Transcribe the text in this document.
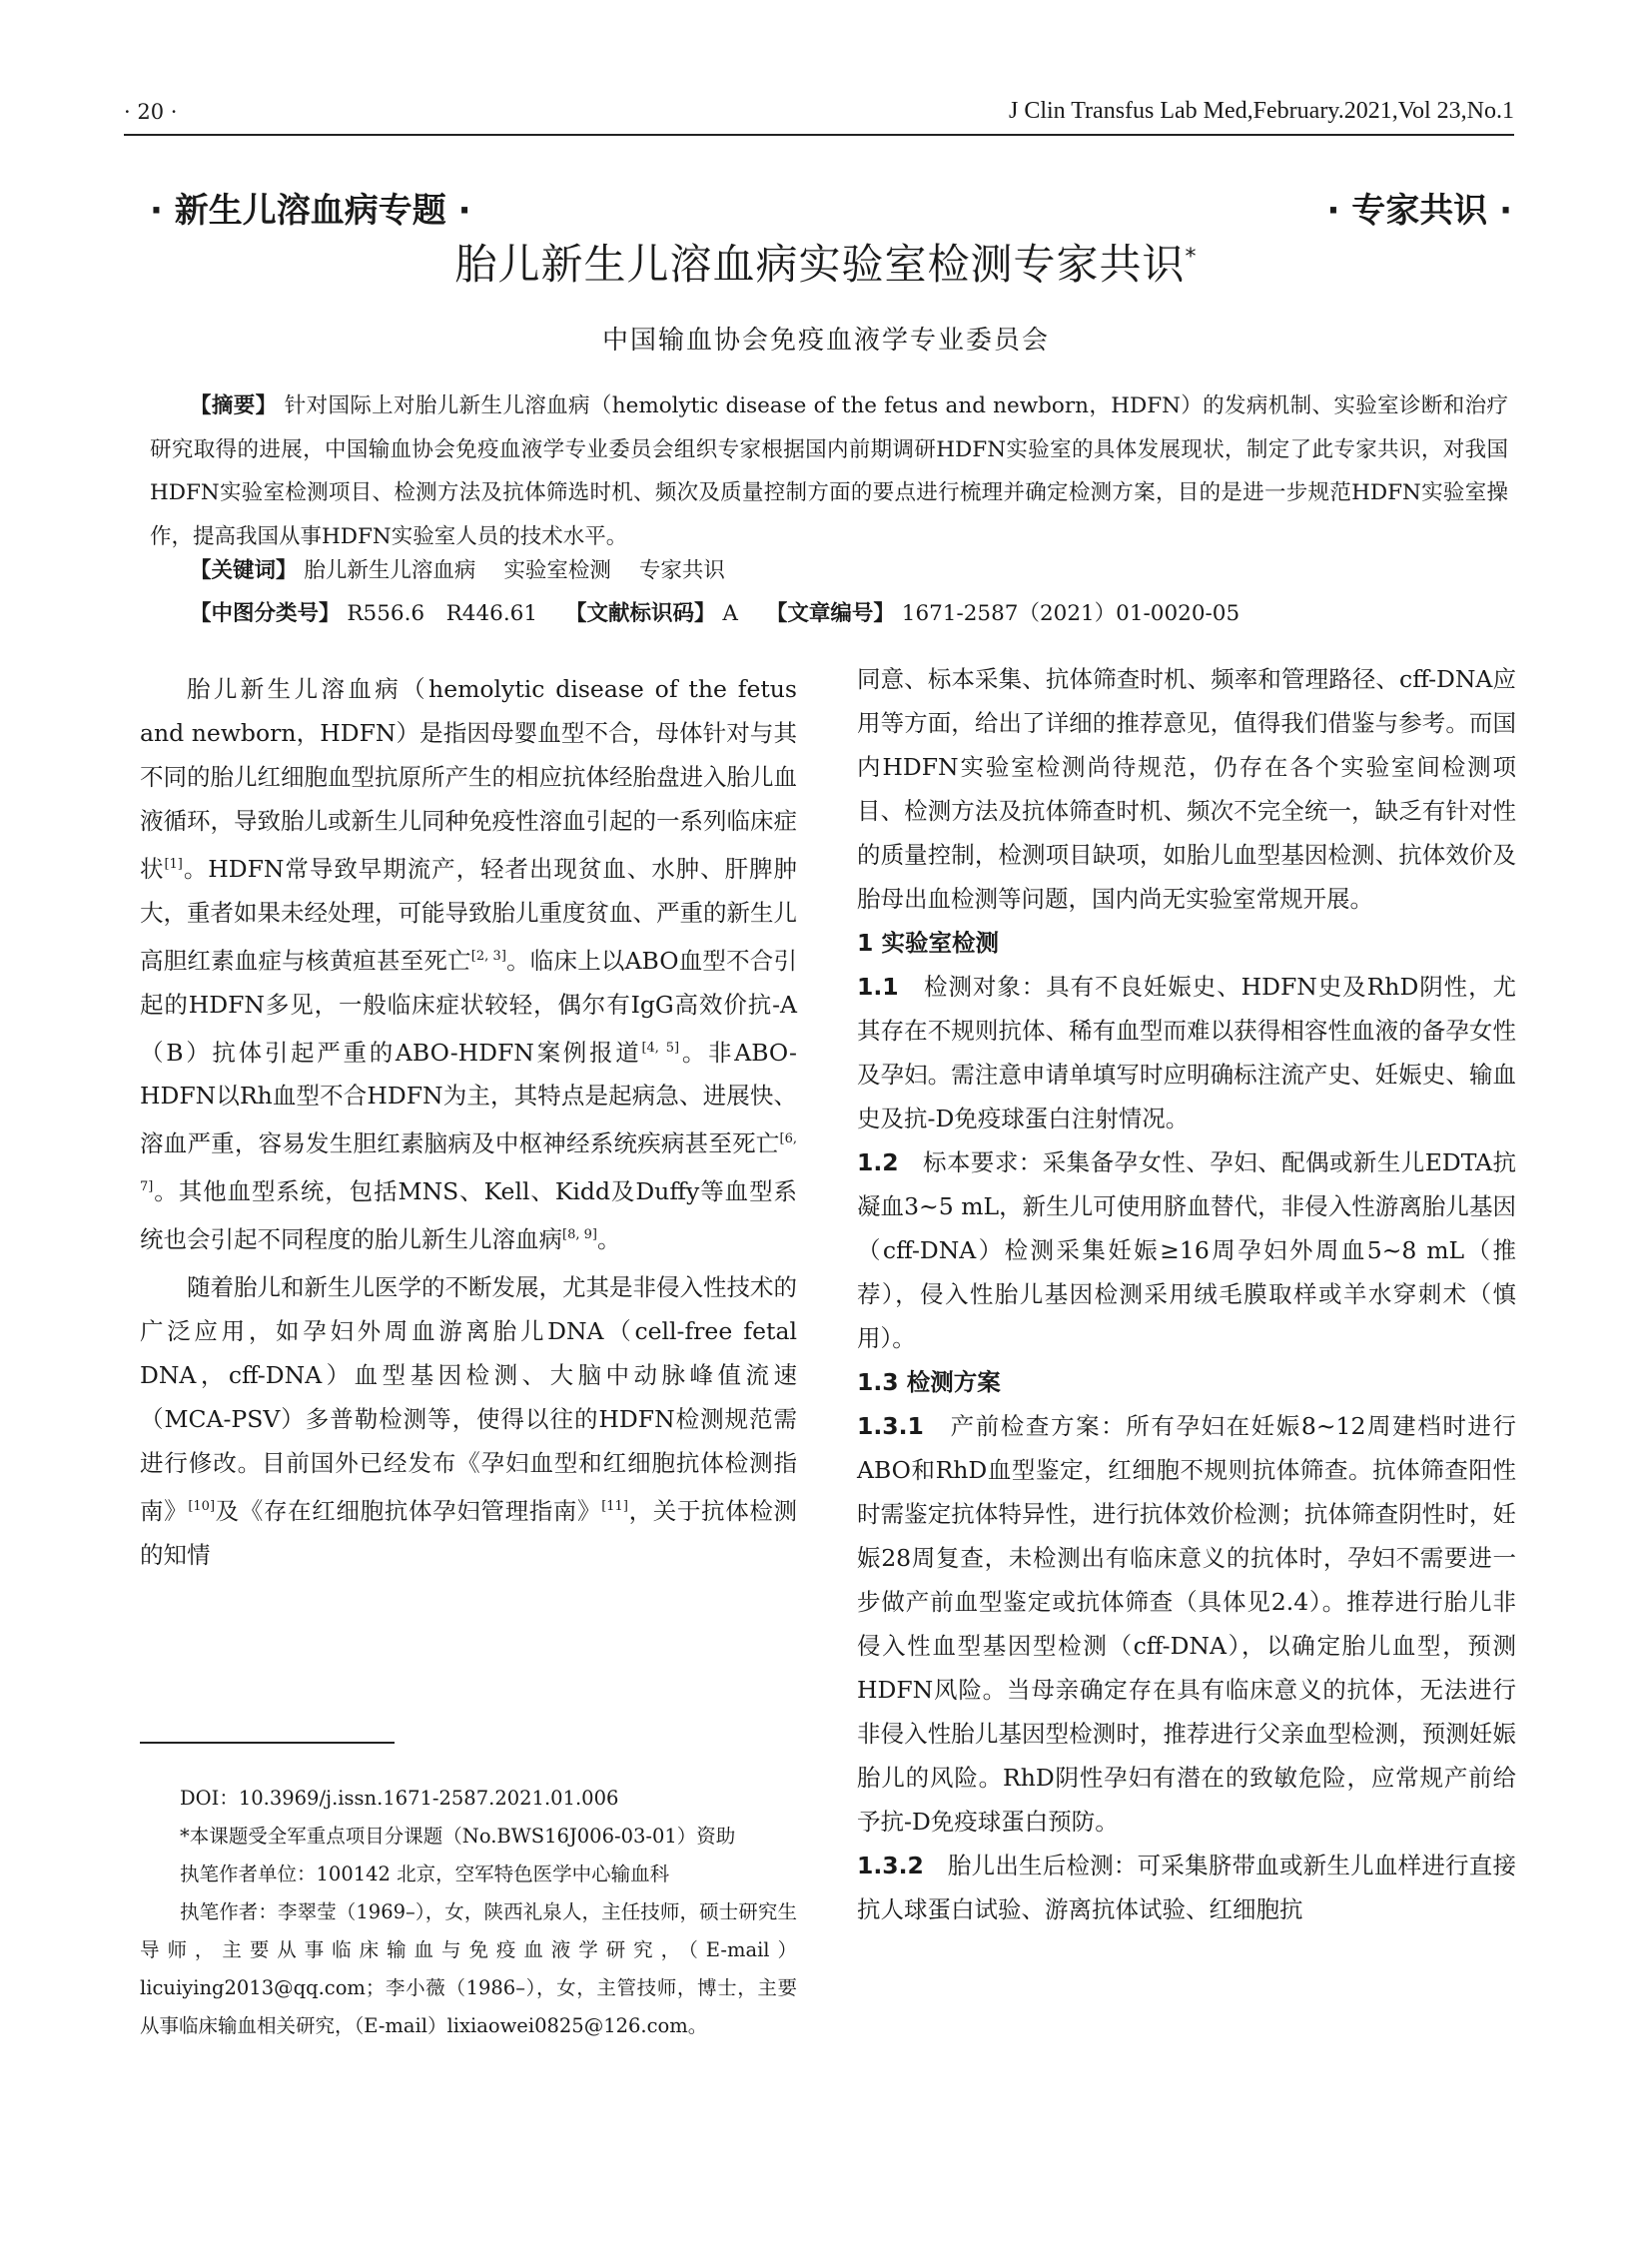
· 20 ·	J Clin Transfus Lab Med,February.2021,Vol 23,No.1
· 新生儿溶血病专题 ·	· 专家共识 ·
胎儿新生儿溶血病实验室检测专家共识*
中国输血协会免疫血液学专业委员会
【摘要】 针对国际上对胎儿新生儿溶血病（hemolytic disease of the fetus and newborn，HDFN）的发病机制、实验室诊断和治疗研究取得的进展，中国输血协会免疫血液学专业委员会组织专家根据国内前期调研HDFN实验室的具体发展现状，制定了此专家共识，对我国HDFN实验室检测项目、检测方法及抗体筛选时机、频次及质量控制方面的要点进行梳理并确定检测方案，目的是进一步规范HDFN实验室操作，提高我国从事HDFN实验室人员的技术水平。
【关键词】 胎儿新生儿溶血病 实验室检测 专家共识
【中图分类号】 R556.6　R446.61 【文献标识码】 A 【文章编号】 1671-2587（2021）01-0020-05

胎儿新生儿溶血病（hemolytic disease of the fetus and newborn，HDFN）是指因母婴血型不合，母体针对与其不同的胎儿红细胞血型抗原所产生的相应抗体经胎盘进入胎儿血液循环，导致胎儿或新生儿同种免疫性溶血引起的一系列临床症状[1]。HDFN常导致早期流产，轻者出现贫血、水肿、肝脾肿大，重者如果未经处理，可能导致胎儿重度贫血、严重的新生儿高胆红素血症与核黄疸甚至死亡[2, 3]。临床上以ABO血型不合引起的HDFN多见，一般临床症状较轻，偶尔有IgG高效价抗-A（B）抗体引起严重的ABO-HDFN案例报道[4, 5]。非ABO-HDFN以Rh血型不合HDFN为主，其特点是起病急、进展快、溶血严重，容易发生胆红素脑病及中枢神经系统疾病甚至死亡[6, 7]。其他血型系统，包括MNS、Kell、Kidd及Duffy等血型系统也会引起不同程度的胎儿新生儿溶血病[8, 9]。

随着胎儿和新生儿医学的不断发展，尤其是非侵入性技术的广泛应用，如孕妇外周血游离胎儿DNA（cell-free fetal DNA，cff-DNA）血型基因检测、大脑中动脉峰值流速（MCA-PSV）多普勒检测等，使得以往的HDFN检测规范需进行修改。目前国外已经发布《孕妇血型和红细胞抗体检测指南》[10]及《存在红细胞抗体孕妇管理指南》[11]，关于抗体检测的知情

同意、标本采集、抗体筛查时机、频率和管理路径、cff-DNA应用等方面，给出了详细的推荐意见，值得我们借鉴与参考。而国内HDFN实验室检测尚待规范，仍存在各个实验室间检测项目、检测方法及抗体筛查时机、频次不完全统一，缺乏有针对性的质量控制，检测项目缺项，如胎儿血型基因检测、抗体效价及胎母出血检测等问题，国内尚无实验室常规开展。

1 实验室检测

1.1　 检测对象：具有不良妊娠史、HDFN史及RhD阴性，尤其存在不规则抗体、稀有血型而难以获得相容性血液的备孕女性及孕妇。需注意申请单填写时应明确标注流产史、妊娠史、输血史及抗-D免疫球蛋白注射情况。

1.2　 标本要求：采集备孕女性、孕妇、配偶或新生儿EDTA抗凝血3~5 mL，新生儿可使用脐血替代，非侵入性游离胎儿基因（cff-DNA）检测采集妊娠≥16周孕妇外周血5~8 mL（推荐），侵入性胎儿基因检测采用绒毛膜取样或羊水穿刺术（慎用）。

1.3 检测方案

1.3.1　 产前检查方案：所有孕妇在妊娠8~12周建档时进行ABO和RhD血型鉴定，红细胞不规则抗体筛查。抗体筛查阳性时需鉴定抗体特异性，进行抗体效价检测；抗体筛查阴性时，妊娠28周复查，未检测出有临床意义的抗体时，孕妇不需要进一步做产前血型鉴定或抗体筛查（具体见2.4）。推荐进行胎儿非侵入性血型基因型检测（cff-DNA），以确定胎儿血型，预测HDFN风险。当母亲确定存在具有临床意义的抗体，无法进行非侵入性胎儿基因型检测时，推荐进行父亲血型检测，预测妊娠胎儿的风险。RhD阴性孕妇有潜在的致敏危险，应常规产前给予抗-D免疫球蛋白预防。

1.3.2　 胎儿出生后检测：可采集脐带血或新生儿血样进行直接抗人球蛋白试验、游离抗体试验、红细胞抗

DOI：10.3969/j.issn.1671-2587.2021.01.006

*本课题受全军重点项目分课题（No.BWS16J006-03-01）资助

执笔作者单位：100142 北京，空军特色医学中心输血科

执笔作者：李翠莹（1969–），女，陕西礼泉人，主任技师，硕士研究生导师，主要从事临床输血与免疫血液学研究，（E-mail）licuiying2013@qq.com；李小薇（1986–），女，主管技师，博士，主要从事临床输血相关研究，（E-mail）lixiaowei0825@126.com。
